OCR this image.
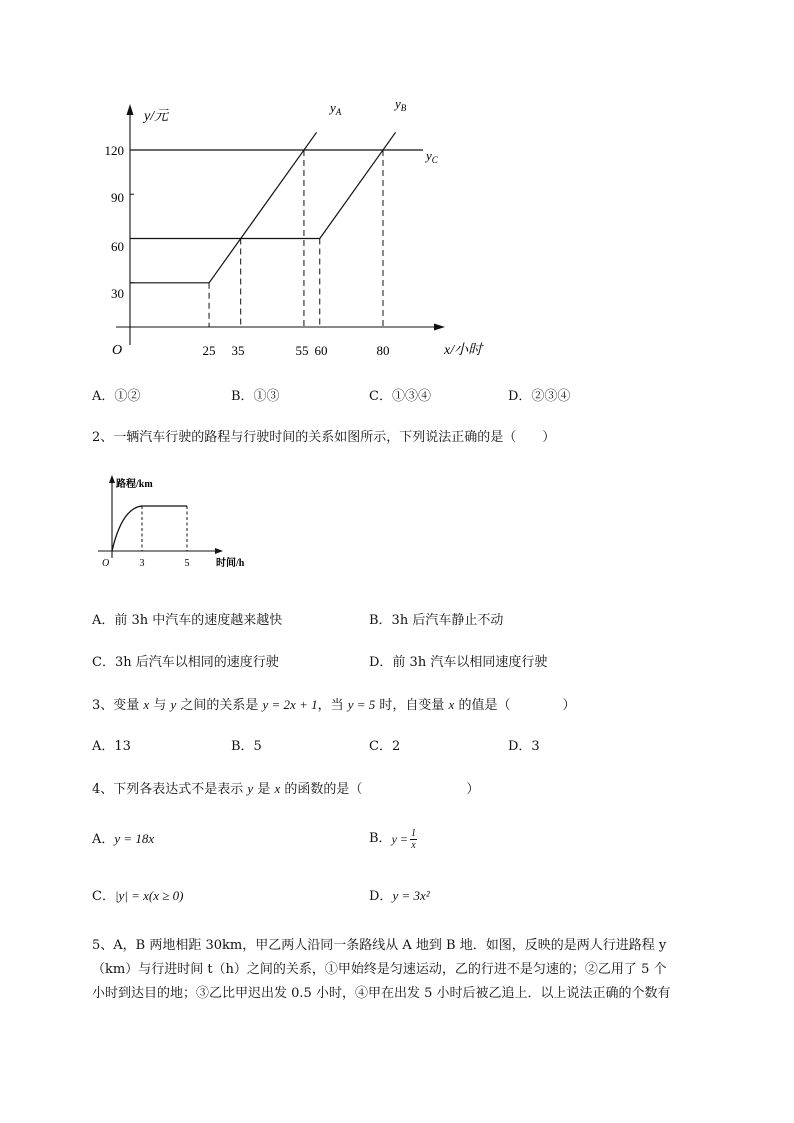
y/元
x/小时
O
120
90
60
30
25 35	55 60	80
$y_A$
$y_B$
$y_C$
A．①②	B．①③	C．①③④	D．②③④
2、一辆汽车行驶的路程与行驶时间的关系如图所示，下列说法正确的是（　　）
路程/km
时间/h
O	3	5
A．前 3h 中汽车的速度越来越快	B．3h 后汽车静止不动
C．3h 后汽车以相同的速度行驶	D．前 3h 汽车以相同速度行驶
3、变量 x 与 y 之间的关系是 y = 2x + 1，当 y = 5 时，自变量 x 的值是（　　　　）
A．13	B．5	C．2	D．3
4、下列各表达式不是表示 y 是 x 的函数的是（　　　　　　　　）
A．y = 18x	B． $y = \frac{1}{x}$
C．|y| = x(x ≥ 0)	D．y = 3x²
5、A，B 两地相距 30km，甲乙两人沿同一条路线从 A 地到 B 地．如图，反映的是两人行进路程 y
（km）与行进时间 t（h）之间的关系，①甲始终是匀速运动，乙的行进不是匀速的；②乙用了 5 个
小时到达目的地；③乙比甲迟出发 0.5 小时，④甲在出发 5 小时后被乙追上．以上说法正确的个数有
